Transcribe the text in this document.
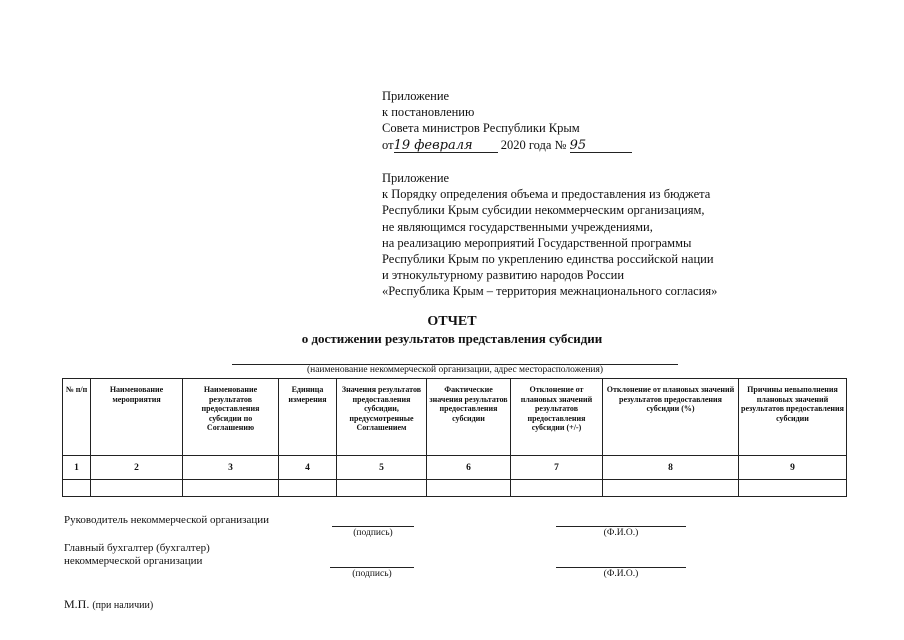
Приложение
к постановлению
Совета министров Республики Крым
от19 февраля 2020 года № 95
Приложение
к Порядку определения объема и предоставления из бюджета
Республики Крым субсидии некоммерческим организациям,
не являющимся государственными учреждениями,
на реализацию мероприятий Государственной программы
Республики Крым по укреплению единства российской нации
и этнокультурному развитию народов России
«Республика Крым – территория межнационального согласия»
ОТЧЕТ
о достижении результатов представления субсидии
(наименование некоммерческой организации, адрес месторасположения)
№ п/п	Наименование мероприятия	Наименование результатов предоставления субсидии по Соглашению	Единица измерения	Значения результатов предоставления субсидии, предусмотренные Соглашением	Фактические значения результатов предоставления субсидии	Отклонение от плановых значений результатов предоставления субсидии (+/-)	Отклонение от плановых значений результатов предоставления субсидии (%)	Причины невыполнения плановых значений результатов предоставления субсидии
1	2	3	4	5	6	7	8	9

Руководитель некоммерческой организации
(подпись)	(Ф.И.О.)
Главный бухгалтер (бухгалтер)
некоммерческой организации
(подпись)	(Ф.И.О.)
М.П. (при наличии)
